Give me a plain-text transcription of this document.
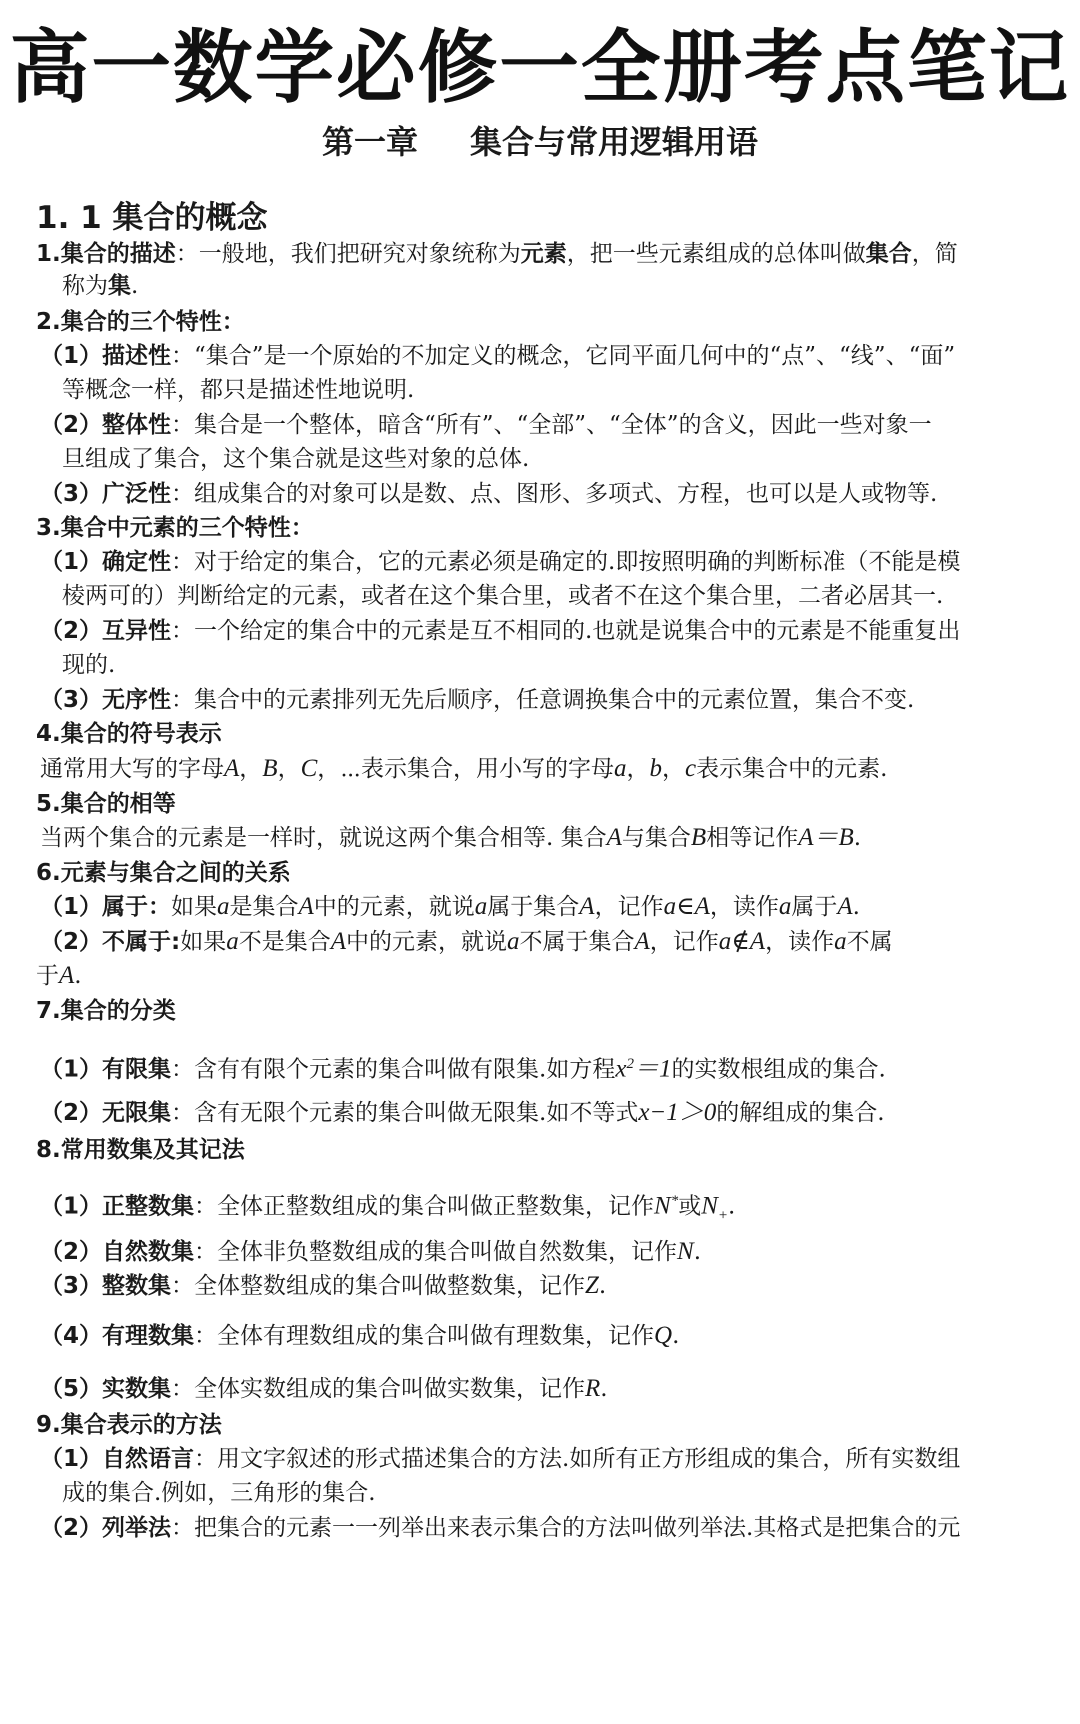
高一数学必修一全册考点笔记
第一章 集合与常用逻辑用语
1. 1 集合的概念
1.集合的描述：一般地，我们把研究对象统称为元素，把一些元素组成的总体叫做集合，简
称为集.
2.集合的三个特性：
（1）描述性：“集合”是一个原始的不加定义的概念，它同平面几何中的“点”、“线”、“面”
等概念一样，都只是描述性地说明.
（2）整体性：集合是一个整体，暗含“所有”、“全部”、“全体”的含义，因此一些对象一
旦组成了集合，这个集合就是这些对象的总体.
（3）广泛性：组成集合的对象可以是数、点、图形、多项式、方程，也可以是人或物等.
3.集合中元素的三个特性：
（1）确定性：对于给定的集合，它的元素必须是确定的.即按照明确的判断标准（不能是模
棱两可的）判断给定的元素，或者在这个集合里，或者不在这个集合里，二者必居其一.
（2）互异性：一个给定的集合中的元素是互不相同的.也就是说集合中的元素是不能重复出
现的.
（3）无序性：集合中的元素排列无先后顺序，任意调换集合中的元素位置，集合不变.
4.集合的符号表示
通常用大写的字母A，B，C，⋯表示集合，用小写的字母a，b，c表示集合中的元素.
5.集合的相等
当两个集合的元素是一样时，就说这两个集合相等. 集合A与集合B相等记作A＝B.
6.元素与集合之间的关系
（1）属于：如果a是集合A中的元素，就说a属于集合A，记作a∈A，读作a属于A.
（2）不属于:如果a不是集合A中的元素，就说a不属于集合A，记作a∉A，读作a不属
于A.
7.集合的分类
（1）有限集：含有有限个元素的集合叫做有限集.如方程$x^2=1$的实数根组成的集合.
（2）无限集：含有无限个元素的集合叫做无限集.如不等式x−1＞0的解组成的集合.
8.常用数集及其记法
（1）正整数集：全体正整数组成的集合叫做正整数集，记作N*或$N_+$.
（2）自然数集：全体非负整数组成的集合叫做自然数集，记作N.
（3）整数集：全体整数组成的集合叫做整数集，记作Z.
（4）有理数集：全体有理数组成的集合叫做有理数集，记作Q.
（5）实数集：全体实数组成的集合叫做实数集，记作R.
9.集合表示的方法
（1）自然语言：用文字叙述的形式描述集合的方法.如所有正方形组成的集合，所有实数组
成的集合.例如，三角形的集合.
（2）列举法：把集合的元素一一列举出来表示集合的方法叫做列举法.其格式是把集合的元
